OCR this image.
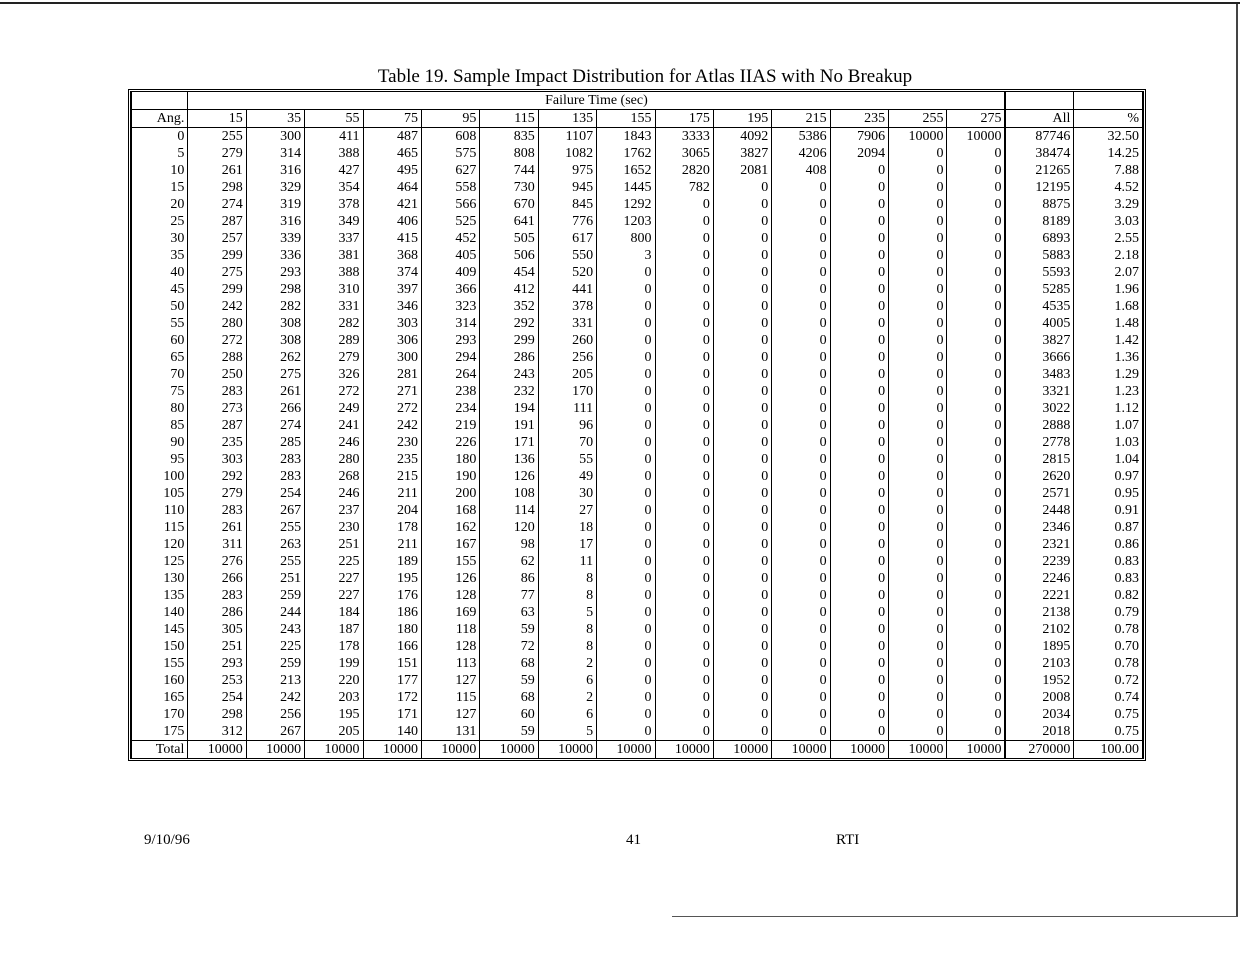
Table 19. Sample Impact Distribution for Atlas IIAS with No Breakup
	Failure Time (sec)															
Ang.	15	35	55	75	95	115	135	155	175	195	215	235	255	275	All	%
0	255	300	411	487	608	835	1107	1843	3333	4092	5386	7906	10000	10000	87746	32.50
5	279	314	388	465	575	808	1082	1762	3065	3827	4206	2094	0	0	38474	14.25
10	261	316	427	495	627	744	975	1652	2820	2081	408	0	0	0	21265	7.88
15	298	329	354	464	558	730	945	1445	782	0	0	0	0	0	12195	4.52
20	274	319	378	421	566	670	845	1292	0	0	0	0	0	0	8875	3.29
25	287	316	349	406	525	641	776	1203	0	0	0	0	0	0	8189	3.03
30	257	339	337	415	452	505	617	800	0	0	0	0	0	0	6893	2.55
35	299	336	381	368	405	506	550	3	0	0	0	0	0	0	5883	2.18
40	275	293	388	374	409	454	520	0	0	0	0	0	0	0	5593	2.07
45	299	298	310	397	366	412	441	0	0	0	0	0	0	0	5285	1.96
50	242	282	331	346	323	352	378	0	0	0	0	0	0	0	4535	1.68
55	280	308	282	303	314	292	331	0	0	0	0	0	0	0	4005	1.48
60	272	308	289	306	293	299	260	0	0	0	0	0	0	0	3827	1.42
65	288	262	279	300	294	286	256	0	0	0	0	0	0	0	3666	1.36
70	250	275	326	281	264	243	205	0	0	0	0	0	0	0	3483	1.29
75	283	261	272	271	238	232	170	0	0	0	0	0	0	0	3321	1.23
80	273	266	249	272	234	194	111	0	0	0	0	0	0	0	3022	1.12
85	287	274	241	242	219	191	96	0	0	0	0	0	0	0	2888	1.07
90	235	285	246	230	226	171	70	0	0	0	0	0	0	0	2778	1.03
95	303	283	280	235	180	136	55	0	0	0	0	0	0	0	2815	1.04
100	292	283	268	215	190	126	49	0	0	0	0	0	0	0	2620	0.97
105	279	254	246	211	200	108	30	0	0	0	0	0	0	0	2571	0.95
110	283	267	237	204	168	114	27	0	0	0	0	0	0	0	2448	0.91
115	261	255	230	178	162	120	18	0	0	0	0	0	0	0	2346	0.87
120	311	263	251	211	167	98	17	0	0	0	0	0	0	0	2321	0.86
125	276	255	225	189	155	62	11	0	0	0	0	0	0	0	2239	0.83
130	266	251	227	195	126	86	8	0	0	0	0	0	0	0	2246	0.83
135	283	259	227	176	128	77	8	0	0	0	0	0	0	0	2221	0.82
140	286	244	184	186	169	63	5	0	0	0	0	0	0	0	2138	0.79
145	305	243	187	180	118	59	8	0	0	0	0	0	0	0	2102	0.78
150	251	225	178	166	128	72	8	0	0	0	0	0	0	0	1895	0.70
155	293	259	199	151	113	68	2	0	0	0	0	0	0	0	2103	0.78
160	253	213	220	177	127	59	6	0	0	0	0	0	0	0	1952	0.72
165	254	242	203	172	115	68	2	0	0	0	0	0	0	0	2008	0.74
170	298	256	195	171	127	60	6	0	0	0	0	0	0	0	2034	0.75
175	312	267	205	140	131	59	5	0	0	0	0	0	0	0	2018	0.75
Total	10000	10000	10000	10000	10000	10000	10000	10000	10000	10000	10000	10000	10000	10000	270000	100.00
9/10/96	41	RTI
